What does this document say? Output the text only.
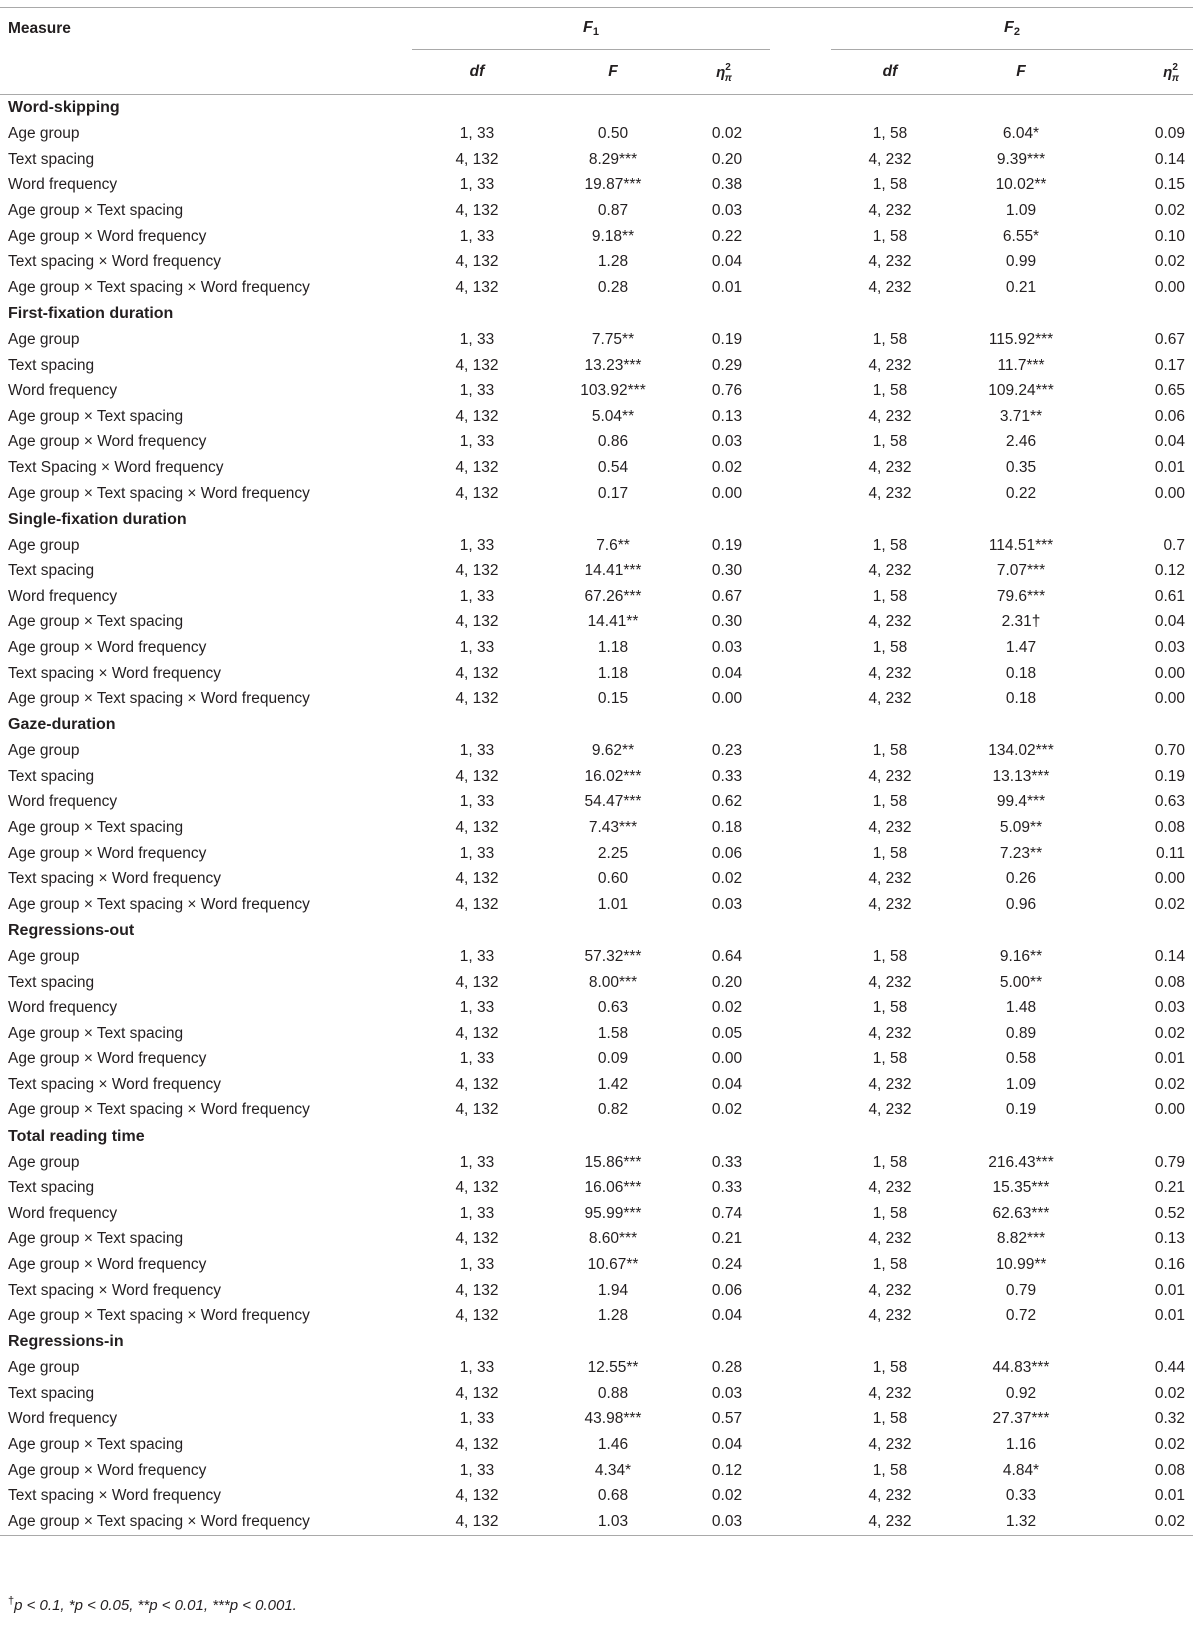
Measure	$F_1$				$F_2$
	df	F	$\eta^2_\pi$		df	F	$\eta^2_\pi$
Word-skipping							
Age group	1, 33	0.50	0.02		1, 58	6.04*	0.09
Text spacing	4, 132	8.29***	0.20		4, 232	9.39***	0.14
Word frequency	1, 33	19.87***	0.38		1, 58	10.02**	0.15
Age group × Text spacing	4, 132	0.87	0.03		4, 232	1.09	0.02
Age group × Word frequency	1, 33	9.18**	0.22		1, 58	6.55*	0.10
Text spacing × Word frequency	4, 132	1.28	0.04		4, 232	0.99	0.02
Age group × Text spacing × Word frequency	4, 132	0.28	0.01		4, 232	0.21	0.00
First-fixation duration							
Age group	1, 33	7.75**	0.19		1, 58	115.92***	0.67
Text spacing	4, 132	13.23***	0.29		4, 232	11.7***	0.17
Word frequency	1, 33	103.92***	0.76		1, 58	109.24***	0.65
Age group × Text spacing	4, 132	5.04**	0.13		4, 232	3.71**	0.06
Age group × Word frequency	1, 33	0.86	0.03		1, 58	2.46	0.04
Text Spacing × Word frequency	4, 132	0.54	0.02		4, 232	0.35	0.01
Age group × Text spacing × Word frequency	4, 132	0.17	0.00		4, 232	0.22	0.00
Single-fixation duration							
Age group	1, 33	7.6**	0.19		1, 58	114.51***	0.7
Text spacing	4, 132	14.41***	0.30		4, 232	7.07***	0.12
Word frequency	1, 33	67.26***	0.67		1, 58	79.6***	0.61
Age group × Text spacing	4, 132	14.41**	0.30		4, 232	2.31†	0.04
Age group × Word frequency	1, 33	1.18	0.03		1, 58	1.47	0.03
Text spacing × Word frequency	4, 132	1.18	0.04		4, 232	0.18	0.00
Age group × Text spacing × Word frequency	4, 132	0.15	0.00		4, 232	0.18	0.00
Gaze-duration							
Age group	1, 33	9.62**	0.23		1, 58	134.02***	0.70
Text spacing	4, 132	16.02***	0.33		4, 232	13.13***	0.19
Word frequency	1, 33	54.47***	0.62		1, 58	99.4***	0.63
Age group × Text spacing	4, 132	7.43***	0.18		4, 232	5.09**	0.08
Age group × Word frequency	1, 33	2.25	0.06		1, 58	7.23**	0.11
Text spacing × Word frequency	4, 132	0.60	0.02		4, 232	0.26	0.00
Age group × Text spacing × Word frequency	4, 132	1.01	0.03		4, 232	0.96	0.02
Regressions-out							
Age group	1, 33	57.32***	0.64		1, 58	9.16**	0.14
Text spacing	4, 132	8.00***	0.20		4, 232	5.00**	0.08
Word frequency	1, 33	0.63	0.02		1, 58	1.48	0.03
Age group × Text spacing	4, 132	1.58	0.05		4, 232	0.89	0.02
Age group × Word frequency	1, 33	0.09	0.00		1, 58	0.58	0.01
Text spacing × Word frequency	4, 132	1.42	0.04		4, 232	1.09	0.02
Age group × Text spacing × Word frequency	4, 132	0.82	0.02		4, 232	0.19	0.00
Total reading time							
Age group	1, 33	15.86***	0.33		1, 58	216.43***	0.79
Text spacing	4, 132	16.06***	0.33		4, 232	15.35***	0.21
Word frequency	1, 33	95.99***	0.74		1, 58	62.63***	0.52
Age group × Text spacing	4, 132	8.60***	0.21		4, 232	8.82***	0.13
Age group × Word frequency	1, 33	10.67**	0.24		1, 58	10.99**	0.16
Text spacing × Word frequency	4, 132	1.94	0.06		4, 232	0.79	0.01
Age group × Text spacing × Word frequency	4, 132	1.28	0.04		4, 232	0.72	0.01
Regressions-in							
Age group	1, 33	12.55**	0.28		1, 58	44.83***	0.44
Text spacing	4, 132	0.88	0.03		4, 232	0.92	0.02
Word frequency	1, 33	43.98***	0.57		1, 58	27.37***	0.32
Age group × Text spacing	4, 132	1.46	0.04		4, 232	1.16	0.02
Age group × Word frequency	1, 33	4.34*	0.12		1, 58	4.84*	0.08
Text spacing × Word frequency	4, 132	0.68	0.02		4, 232	0.33	0.01
Age group × Text spacing × Word frequency	4, 132	1.03	0.03		4, 232	1.32	0.02

†p < 0.1, *p < 0.05, **p < 0.01, ***p < 0.001.
